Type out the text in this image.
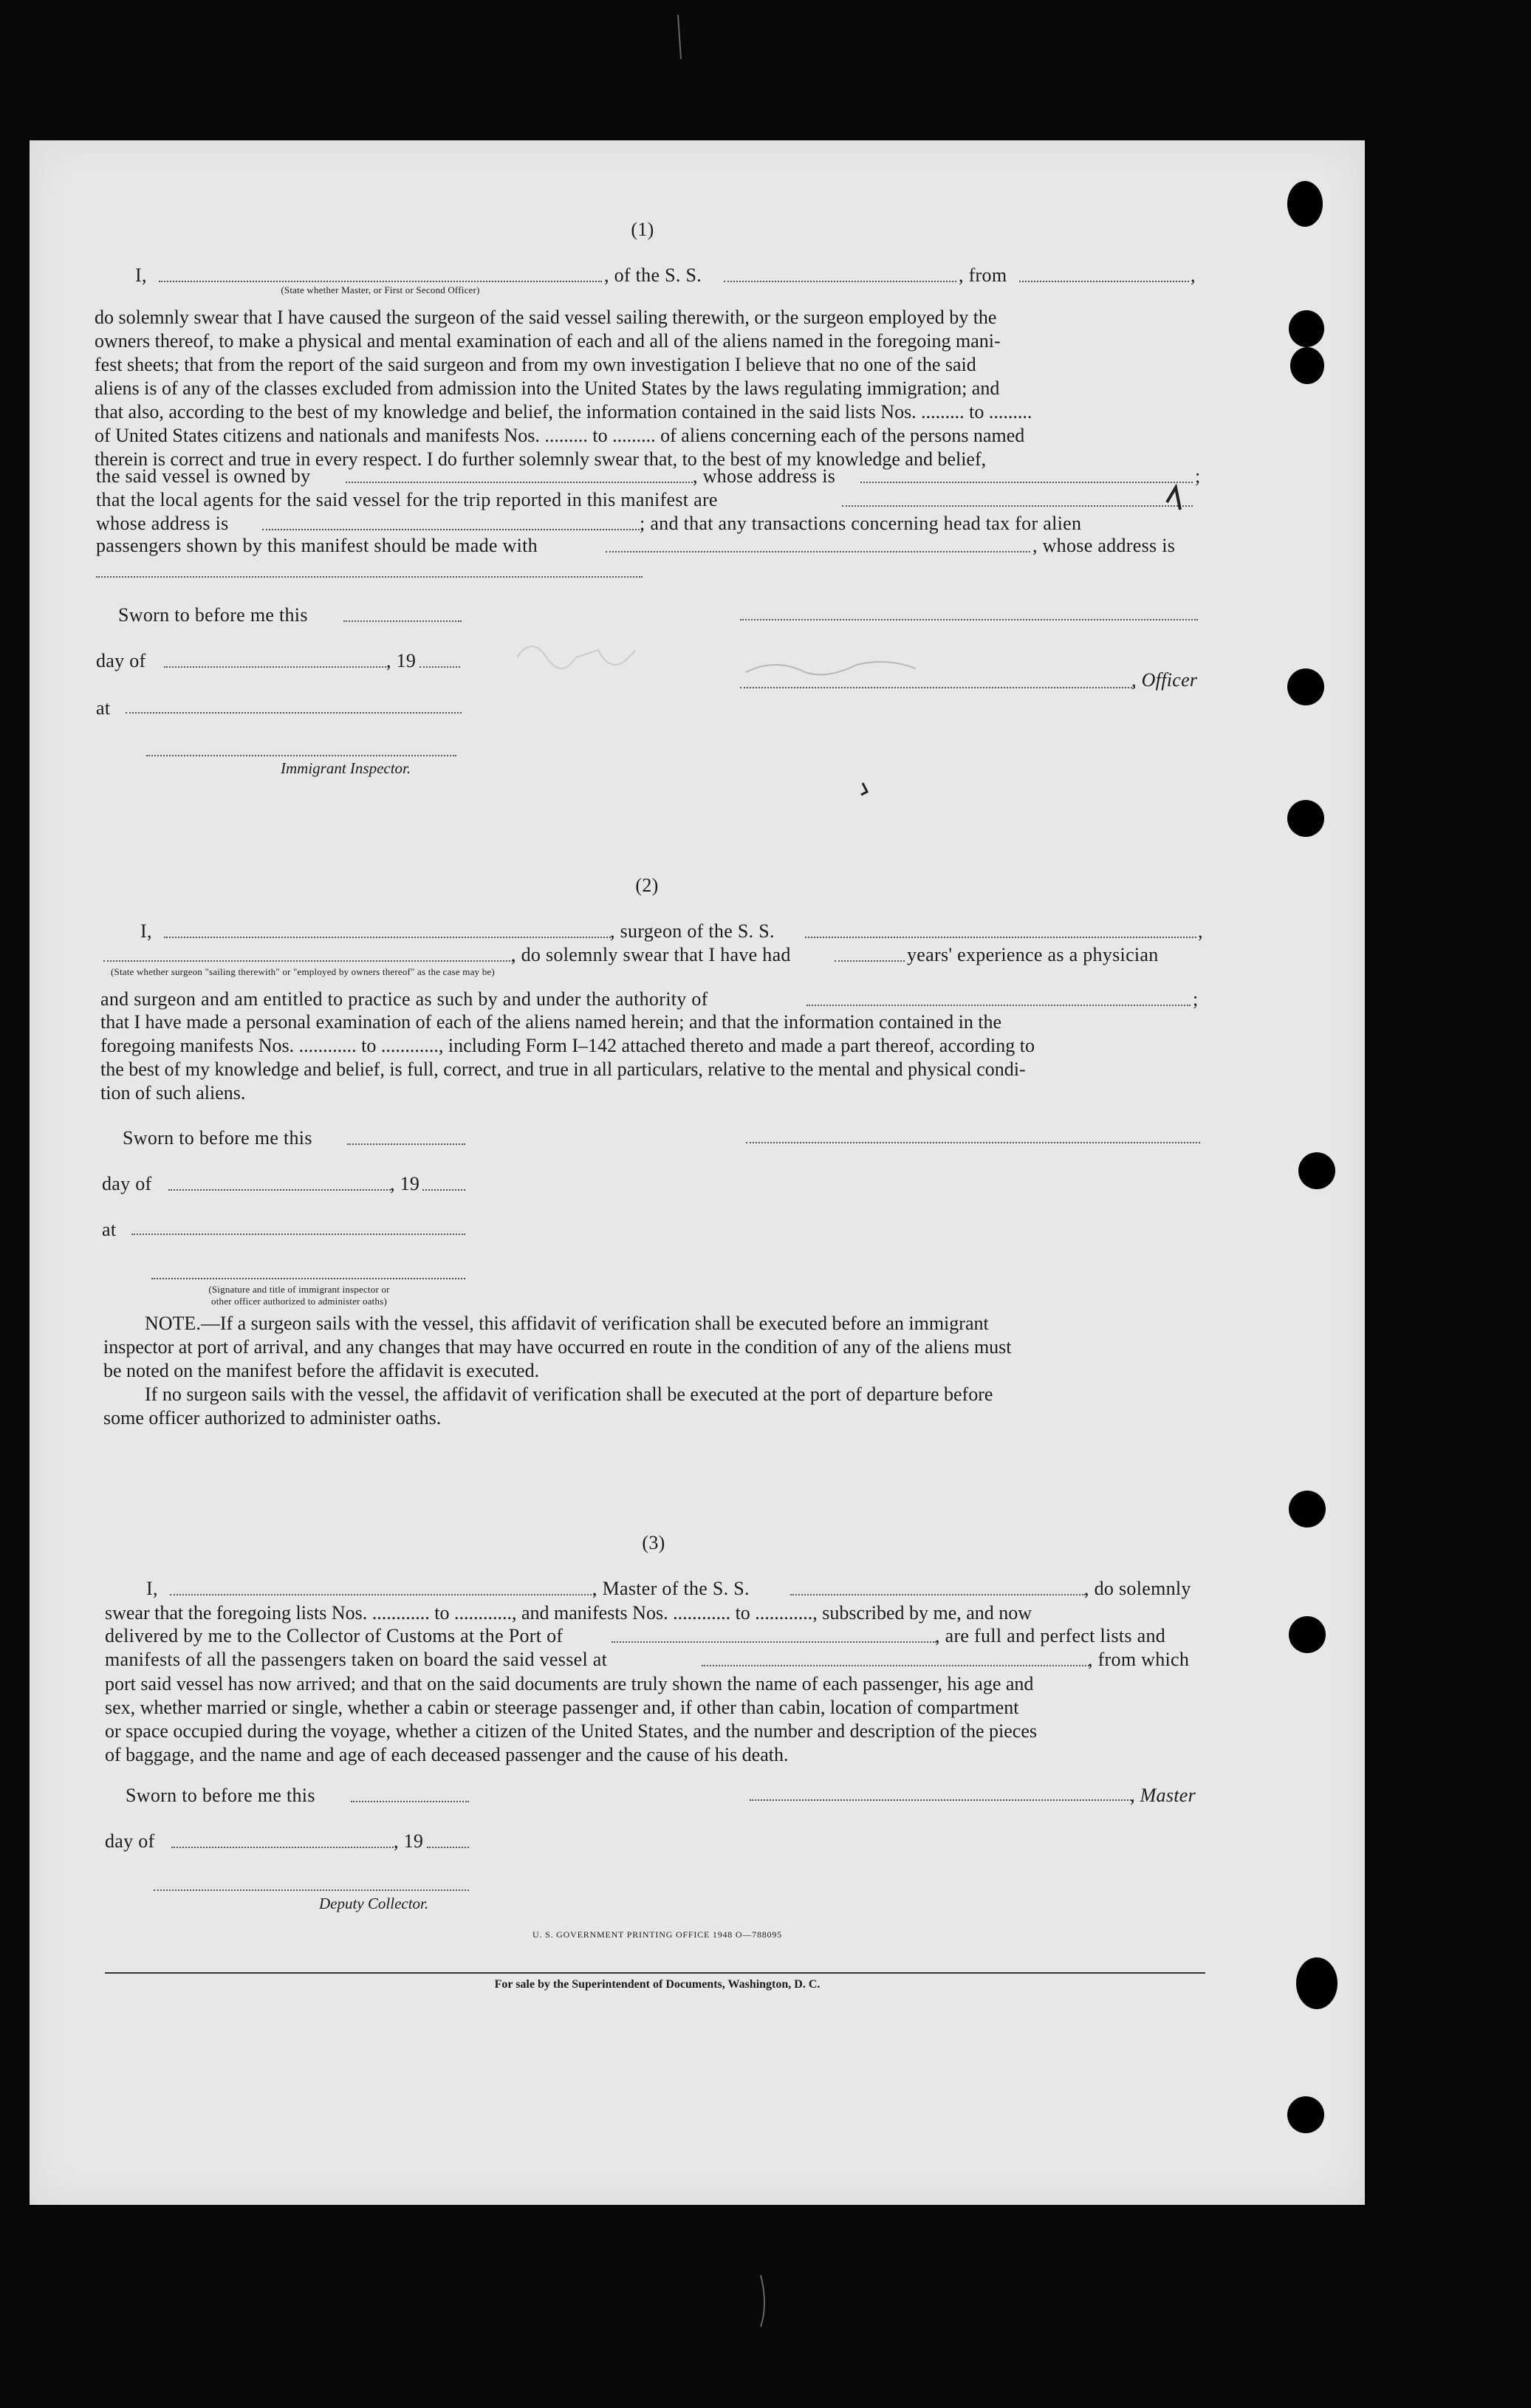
(1)
I,	, of the S. S.	, from	,
(State whether Master, or First or Second Officer)
do solemnly swear that I have caused the surgeon of the said vessel sailing therewith, or the surgeon employed by the
owners thereof, to make a physical and mental examination of each and all of the aliens named in the foregoing mani-
fest sheets; that from the report of the said surgeon and from my own investigation I believe that no one of the said
aliens is of any of the classes excluded from admission into the United States by the laws regulating immigration; and
that also, according to the best of my knowledge and belief, the information contained in the said lists Nos. ......... to .........
of United States citizens and nationals and manifests Nos. ......... to ......... of aliens concerning each of the persons named
therein is correct and true in every respect. I do further solemnly swear that, to the best of my knowledge and belief,
the said vessel is owned by	, whose address is	;
that the local agents for the said vessel for the trip reported in this manifest are
whose address is	; and that any transactions concerning head tax for alien
passengers shown by this manifest should be made with	, whose address is
Sworn to before me this
day of	, 19
, Officer
at
Immigrant Inspector.
(2)
I,	, surgeon of the S. S.	,
, do solemnly swear that I have had	years' experience as a physician
(State whether surgeon "sailing therewith" or "employed by owners thereof" as the case may be)
and surgeon and am entitled to practice as such by and under the authority of	;
that I have made a personal examination of each of the aliens named herein; and that the information contained in the
foregoing manifests Nos. ............ to ............, including Form I–142 attached thereto and made a part thereof, according to
the best of my knowledge and belief, is full, correct, and true in all particulars, relative to the mental and physical condi-
tion of such aliens.
Sworn to before me this
day of	, 19
at
(Signature and title of immigrant inspector or
other officer authorized to administer oaths)
NOTE.—If a surgeon sails with the vessel, this affidavit of verification shall be executed before an immigrant
inspector at port of arrival, and any changes that may have occurred en route in the condition of any of the aliens must
be noted on the manifest before the affidavit is executed.
If no surgeon sails with the vessel, the affidavit of verification shall be executed at the port of departure before
some officer authorized to administer oaths.
(3)
I,	, Master of the S. S.	, do solemnly
swear that the foregoing lists Nos. ............ to ............, and manifests Nos. ............ to ............, subscribed by me, and now
delivered by me to the Collector of Customs at the Port of	, are full and perfect lists and
manifests of all the passengers taken on board the said vessel at	, from which
port said vessel has now arrived; and that on the said documents are truly shown the name of each passenger, his age and
sex, whether married or single, whether a cabin or steerage passenger and, if other than cabin, location of compartment
or space occupied during the voyage, whether a citizen of the United States, and the number and description of the pieces
of baggage, and the name and age of each deceased passenger and the cause of his death.
Sworn to before me this	, Master
day of	, 19
Deputy Collector.
U. S. GOVERNMENT PRINTING OFFICE 1948 O—788095
For sale by the Superintendent of Documents, Washington, D. C.
